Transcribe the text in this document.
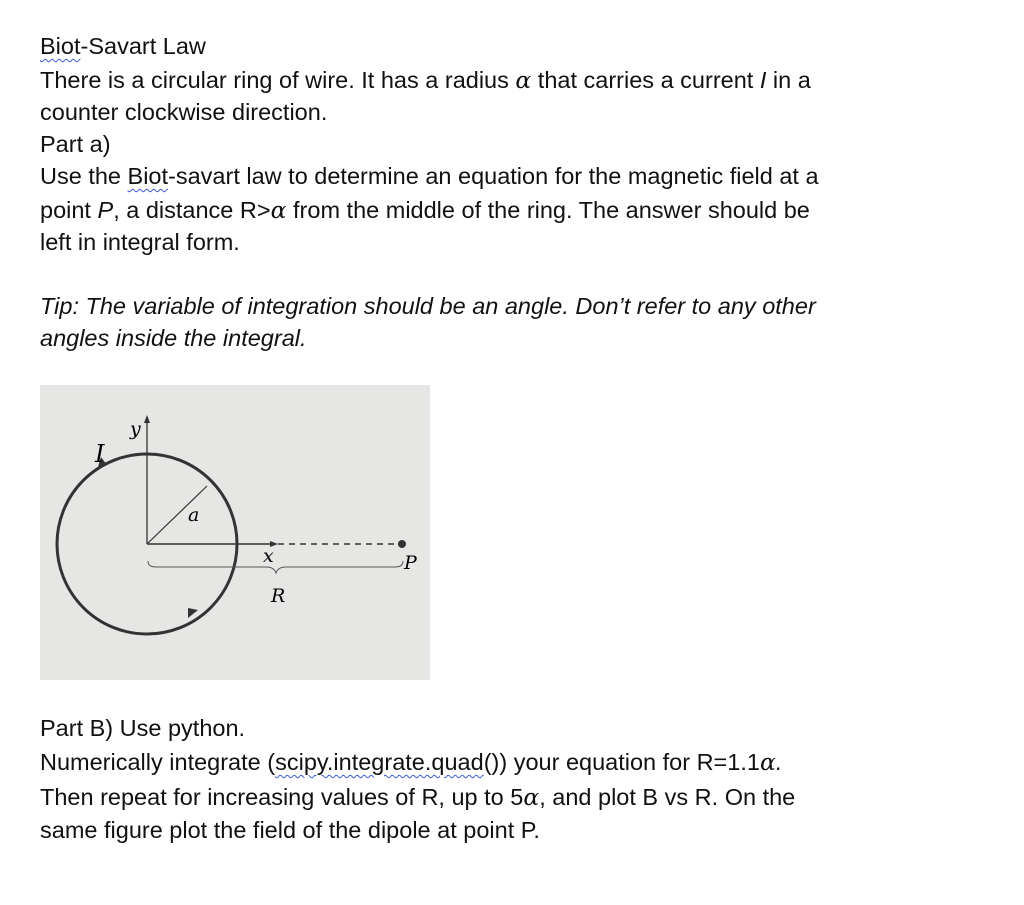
Biot-Savart Law
There is a circular ring of wire. It has a radius α that carries a current I in a
counter clockwise direction.
Part a)
Use the Biot-savart law to determine an equation for the magnetic field at a
point P, a distance R>α from the middle of the ring. The answer should be
left in integral form.
Tip: The variable of integration should be an angle. Don’t refer to any other
angles inside the integral.
y
I
a
x	P
R
Part B) Use python.
Numerically integrate (scipy.integrate.quad()) your equation for R=1.1α.
Then repeat for increasing values of R, up to 5α, and plot B vs R. On the
same figure plot the field of the dipole at point P.
